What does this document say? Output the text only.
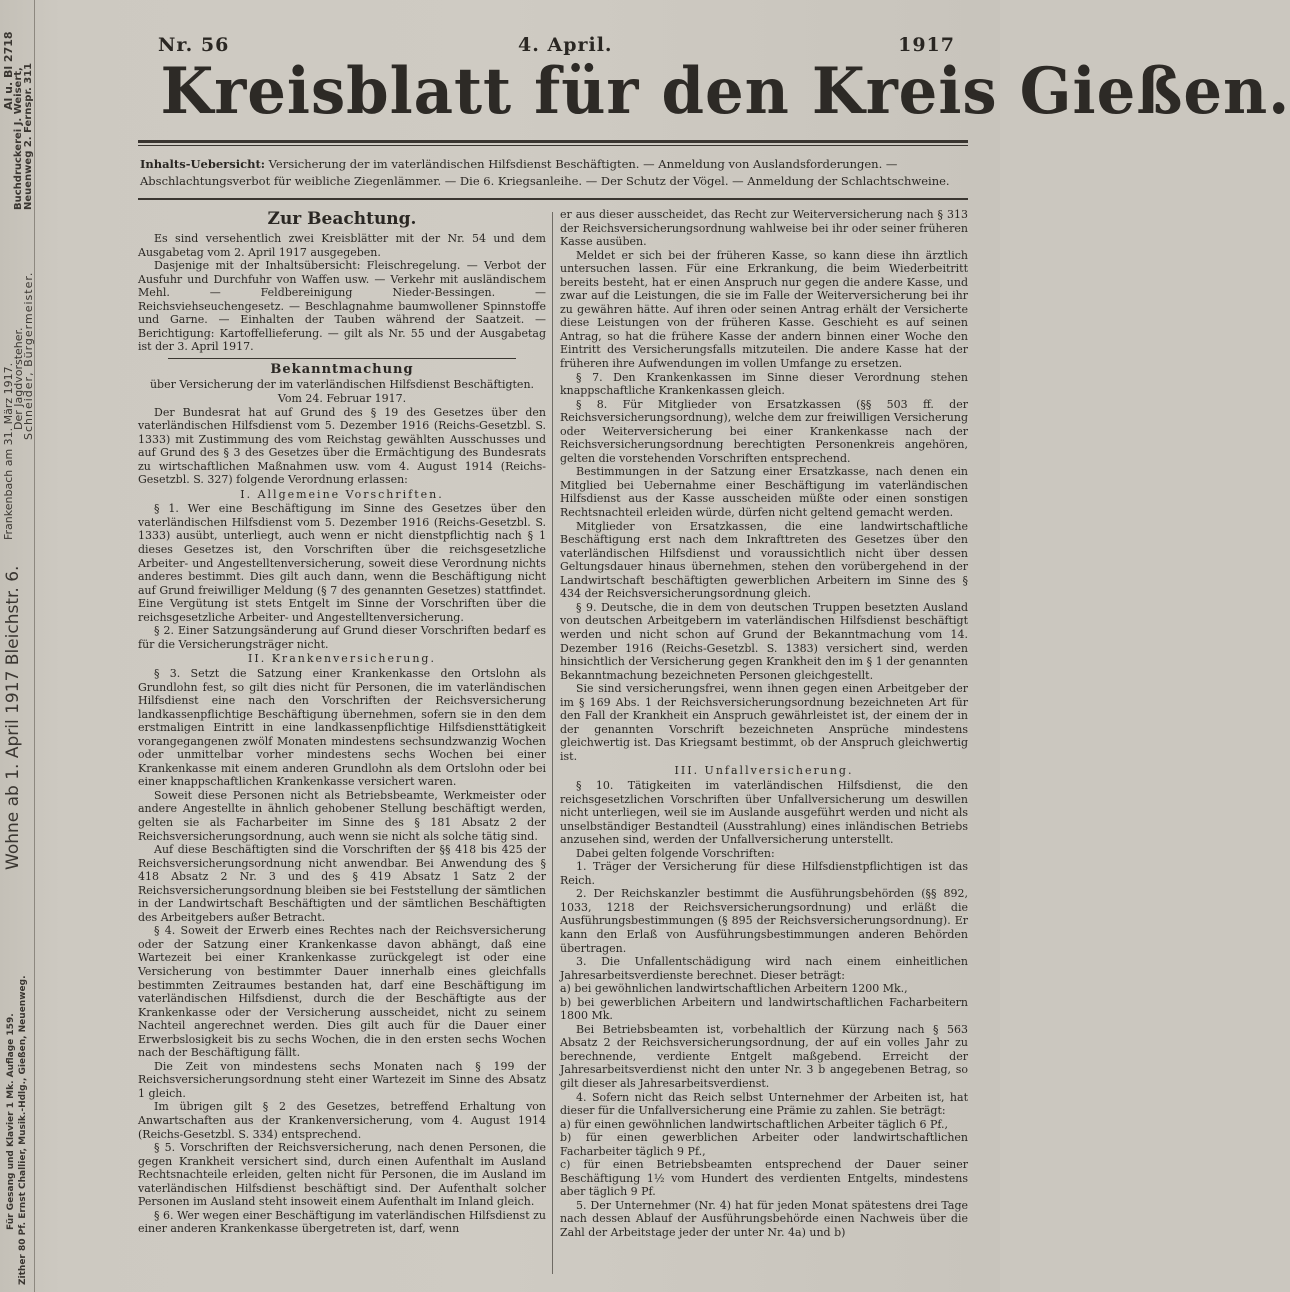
Al u. Bl 2718
Buchdruckerei J. Weisert, Neuenweg 2. Fernspr. 311
Frankenbach am 31. März 1917.
Der Jagdvorsteher.
Schneider, Bürgermeister.
Wohne ab 1. April 1917 Bleichstr. 6.
Für Gesang und Klavier 1 Mk. Auflage 159. Zither 80 Pf. Ernst Challier, Musik.-Hdlg., Gießen, Neuenweg.
Nr. 56	4. April.	1917
Kreisblatt für den Kreis Gießen.
Inhalts-Uebersicht: Versicherung der im vaterländischen Hilfsdienst Beschäftigten. — Anmeldung von Auslandsforderungen. — Abschlachtungsverbot für weibliche Ziegenlämmer. — Die 6. Kriegsanleihe. — Der Schutz der Vögel. — Anmeldung der Schlachtschweine.
Zur Beachtung.

Es sind versehentlich zwei Kreisblätter mit der Nr. 54 und dem Ausgabetag vom 2. April 1917 ausgegeben.

Dasjenige mit der Inhaltsübersicht: Fleischregelung. — Verbot der Ausfuhr und Durchfuhr von Waffen usw. — Verkehr mit ausländischem Mehl. — Feldbereinigung Nieder-Bessingen. — Reichsviehseuchengesetz. — Beschlagnahme baumwollener Spinnstoffe und Garne. — Einhalten der Tauben während der Saatzeit. — Berichtigung: Kartoffellieferung. — gilt als Nr. 55 und der Ausgabetag ist der 3. April 1917.

Bekanntmachung

über Versicherung der im vaterländischen Hilfsdienst Beschäftigten.

Vom 24. Februar 1917.

Der Bundesrat hat auf Grund des § 19 des Gesetzes über den vaterländischen Hilfsdienst vom 5. Dezember 1916 (Reichs-Gesetzbl. S. 1333) mit Zustimmung des vom Reichstag gewählten Ausschusses und auf Grund des § 3 des Gesetzes über die Ermächtigung des Bundesrats zu wirtschaftlichen Maßnahmen usw. vom 4. August 1914 (Reichs-Gesetzbl. S. 327) folgende Verordnung erlassen:

I. Allgemeine Vorschriften.

§ 1. Wer eine Beschäftigung im Sinne des Gesetzes über den vaterländischen Hilfsdienst vom 5. Dezember 1916 (Reichs-Gesetzbl. S. 1333) ausübt, unterliegt, auch wenn er nicht dienstpflichtig nach § 1 dieses Gesetzes ist, den Vorschriften über die reichsgesetzliche Arbeiter- und Angestelltenversicherung, soweit diese Verordnung nichts anderes bestimmt. Dies gilt auch dann, wenn die Beschäftigung nicht auf Grund freiwilliger Meldung (§ 7 des genannten Gesetzes) stattfindet. Eine Vergütung ist stets Entgelt im Sinne der Vorschriften über die reichsgesetzliche Arbeiter- und Angestelltenversicherung.

§ 2. Einer Satzungsänderung auf Grund dieser Vorschriften bedarf es für die Versicherungsträger nicht.

II. Krankenversicherung.

§ 3. Setzt die Satzung einer Krankenkasse den Ortslohn als Grundlohn fest, so gilt dies nicht für Personen, die im vaterländischen Hilfsdienst eine nach den Vorschriften der Reichsversicherung landkassenpflichtige Beschäftigung übernehmen, sofern sie in den dem erstmaligen Eintritt in eine landkassenpflichtige Hilfsdiensttätigkeit vorangegangenen zwölf Monaten mindestens sechsundzwanzig Wochen oder unmittelbar vorher mindestens sechs Wochen bei einer Krankenkasse mit einem anderen Grundlohn als dem Ortslohn oder bei einer knappschaftlichen Krankenkasse versichert waren.

Soweit diese Personen nicht als Betriebsbeamte, Werkmeister oder andere Angestellte in ähnlich gehobener Stellung beschäftigt werden, gelten sie als Facharbeiter im Sinne des § 181 Absatz 2 der Reichsversicherungsordnung, auch wenn sie nicht als solche tätig sind.

Auf diese Beschäftigten sind die Vorschriften der §§ 418 bis 425 der Reichsversicherungsordnung nicht anwendbar. Bei Anwendung des § 418 Absatz 2 Nr. 3 und des § 419 Absatz 1 Satz 2 der Reichsversicherungsordnung bleiben sie bei Feststellung der sämtlichen in der Landwirtschaft Beschäftigten und der sämtlichen Beschäftigten des Arbeitgebers außer Betracht.

§ 4. Soweit der Erwerb eines Rechtes nach der Reichsversicherung oder der Satzung einer Krankenkasse davon abhängt, daß eine Wartezeit bei einer Krankenkasse zurückgelegt ist oder eine Versicherung von bestimmter Dauer innerhalb eines gleichfalls bestimmten Zeitraumes bestanden hat, darf eine Beschäftigung im vaterländischen Hilfsdienst, durch die der Beschäftigte aus der Krankenkasse oder der Versicherung ausscheidet, nicht zu seinem Nachteil angerechnet werden. Dies gilt auch für die Dauer einer Erwerbslosigkeit bis zu sechs Wochen, die in den ersten sechs Wochen nach der Beschäftigung fällt.

Die Zeit von mindestens sechs Monaten nach § 199 der Reichsversicherungsordnung steht einer Wartezeit im Sinne des Absatz 1 gleich.

Im übrigen gilt § 2 des Gesetzes, betreffend Erhaltung von Anwartschaften aus der Krankenversicherung, vom 4. August 1914 (Reichs-Gesetzbl. S. 334) entsprechend.

§ 5. Vorschriften der Reichsversicherung, nach denen Personen, die gegen Krankheit versichert sind, durch einen Aufenthalt im Ausland Rechtsnachteile erleiden, gelten nicht für Personen, die im Ausland im vaterländischen Hilfsdienst beschäftigt sind. Der Aufenthalt solcher Personen im Ausland steht insoweit einem Aufenthalt im Inland gleich.

§ 6. Wer wegen einer Beschäftigung im vaterländischen Hilfsdienst zu einer anderen Krankenkasse übergetreten ist, darf, wenn

er aus dieser ausscheidet, das Recht zur Weiterversicherung nach § 313 der Reichsversicherungsordnung wahlweise bei ihr oder seiner früheren Kasse ausüben.

Meldet er sich bei der früheren Kasse, so kann diese ihn ärztlich untersuchen lassen. Für eine Erkrankung, die beim Wiederbeitritt bereits besteht, hat er einen Anspruch nur gegen die andere Kasse, und zwar auf die Leistungen, die sie im Falle der Weiterversicherung bei ihr zu gewähren hätte. Auf ihren oder seinen Antrag erhält der Versicherte diese Leistungen von der früheren Kasse. Geschieht es auf seinen Antrag, so hat die frühere Kasse der andern binnen einer Woche den Eintritt des Versicherungsfalls mitzuteilen. Die andere Kasse hat der früheren ihre Aufwendungen im vollen Umfange zu ersetzen.

§ 7. Den Krankenkassen im Sinne dieser Verordnung stehen knappschaftliche Krankenkassen gleich.

§ 8. Für Mitglieder von Ersatzkassen (§§ 503 ff. der Reichsversicherungsordnung), welche dem zur freiwilligen Versicherung oder Weiterversicherung bei einer Krankenkasse nach der Reichsversicherungsordnung berechtigten Personenkreis angehören, gelten die vorstehenden Vorschriften entsprechend.

Bestimmungen in der Satzung einer Ersatzkasse, nach denen ein Mitglied bei Uebernahme einer Beschäftigung im vaterländischen Hilfsdienst aus der Kasse ausscheiden müßte oder einen sonstigen Rechtsnachteil erleiden würde, dürfen nicht geltend gemacht werden.

Mitglieder von Ersatzkassen, die eine landwirtschaftliche Beschäftigung erst nach dem Inkrafttreten des Gesetzes über den vaterländischen Hilfsdienst und voraussichtlich nicht über dessen Geltungsdauer hinaus übernehmen, stehen den vorübergehend in der Landwirtschaft beschäftigten gewerblichen Arbeitern im Sinne des § 434 der Reichsversicherungsordnung gleich.

§ 9. Deutsche, die in dem von deutschen Truppen besetzten Ausland von deutschen Arbeitgebern im vaterländischen Hilfsdienst beschäftigt werden und nicht schon auf Grund der Bekanntmachung vom 14. Dezember 1916 (Reichs-Gesetzbl. S. 1383) versichert sind, werden hinsichtlich der Versicherung gegen Krankheit den im § 1 der genannten Bekanntmachung bezeichneten Personen gleichgestellt.

Sie sind versicherungsfrei, wenn ihnen gegen einen Arbeitgeber der im § 169 Abs. 1 der Reichsversicherungsordnung bezeichneten Art für den Fall der Krankheit ein Anspruch gewährleistet ist, der einem der in der genannten Vorschrift bezeichneten Ansprüche mindestens gleichwertig ist. Das Kriegsamt bestimmt, ob der Anspruch gleichwertig ist.

III. Unfallversicherung.

§ 10. Tätigkeiten im vaterländischen Hilfsdienst, die den reichsgesetzlichen Vorschriften über Unfallversicherung um deswillen nicht unterliegen, weil sie im Auslande ausgeführt werden und nicht als unselbständiger Bestandteil (Ausstrahlung) eines inländischen Betriebs anzusehen sind, werden der Unfallversicherung unterstellt.

Dabei gelten folgende Vorschriften:

1. Träger der Versicherung für diese Hilfsdienstpflichtigen ist das Reich.

2. Der Reichskanzler bestimmt die Ausführungsbehörden (§§ 892, 1033, 1218 der Reichsversicherungsordnung) und erläßt die Ausführungsbestimmungen (§ 895 der Reichsversicherungsordnung). Er kann den Erlaß von Ausführungsbestimmungen anderen Behörden übertragen.

3. Die Unfallentschädigung wird nach einem einheitlichen Jahresarbeitsverdienste berechnet. Dieser beträgt:

a) bei gewöhnlichen landwirtschaftlichen Arbeitern 1200 Mk.,

b) bei gewerblichen Arbeitern und landwirtschaftlichen Facharbeitern 1800 Mk.

Bei Betriebsbeamten ist, vorbehaltlich der Kürzung nach § 563 Absatz 2 der Reichsversicherungsordnung, der auf ein volles Jahr zu berechnende, verdiente Entgelt maßgebend. Erreicht der Jahresarbeitsverdienst nicht den unter Nr. 3 b angegebenen Betrag, so gilt dieser als Jahresarbeitsverdienst.

4. Sofern nicht das Reich selbst Unternehmer der Arbeiten ist, hat dieser für die Unfallversicherung eine Prämie zu zahlen. Sie beträgt:

a) für einen gewöhnlichen landwirtschaftlichen Arbeiter täglich 6 Pf.,

b) für einen gewerblichen Arbeiter oder landwirtschaftlichen Facharbeiter täglich 9 Pf.,

c) für einen Betriebsbeamten entsprechend der Dauer seiner Beschäftigung 1½ vom Hundert des verdienten Entgelts, mindestens aber täglich 9 Pf.

5. Der Unternehmer (Nr. 4) hat für jeden Monat spätestens drei Tage nach dessen Ablauf der Ausführungsbehörde einen Nachweis über die Zahl der Arbeitstage jeder der unter Nr. 4a) und b)
